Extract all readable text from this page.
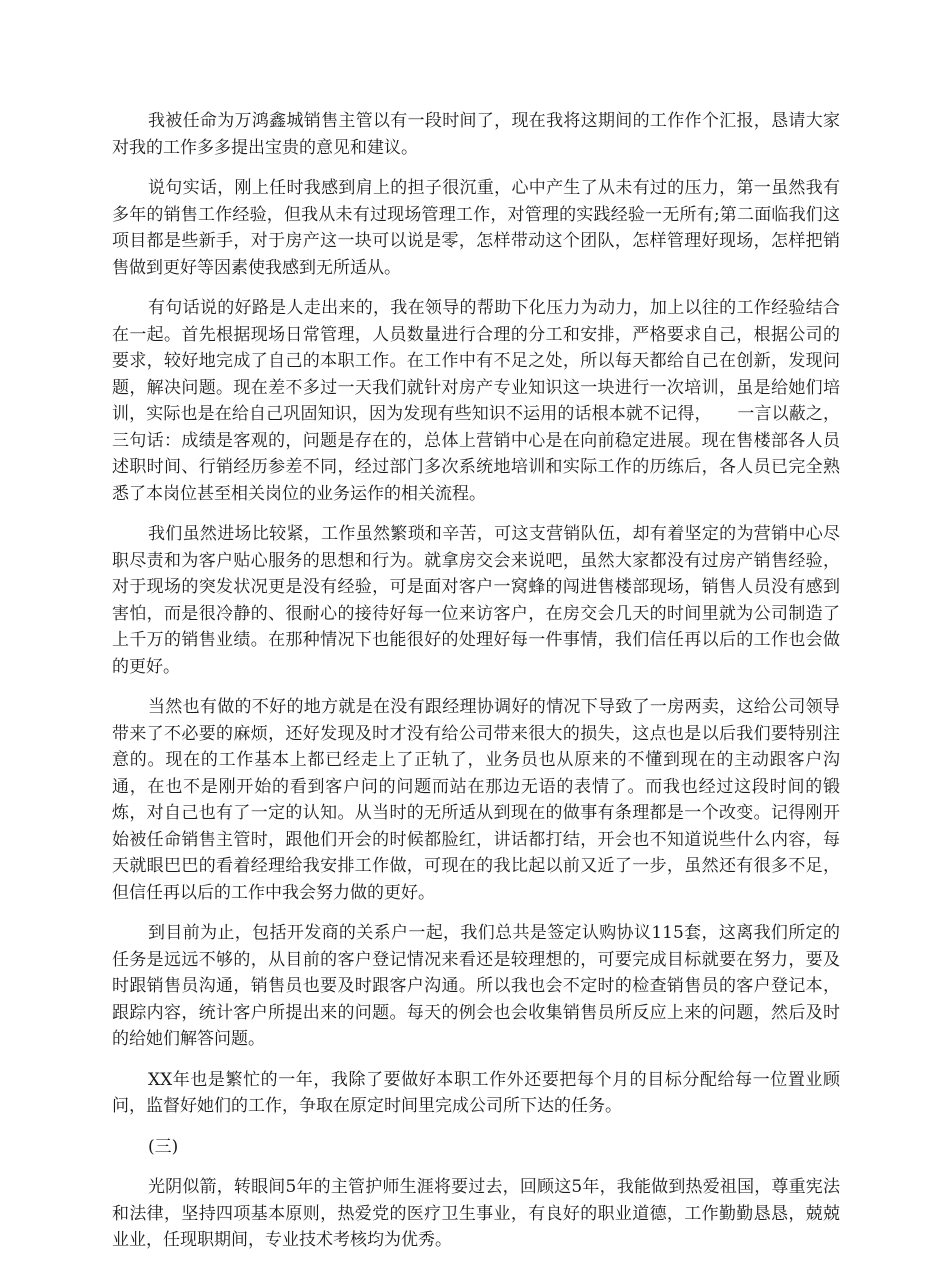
我被任命为万鸿鑫城销售主管以有一段时间了，现在我将这期间的工作作个汇报，恳请大家对我的工作多多提出宝贵的意见和建议。

说句实话，刚上任时我感到肩上的担子很沉重，心中产生了从未有过的压力，第一虽然我有多年的销售工作经验，但我从未有过现场管理工作，对管理的实践经验一无所有;第二面临我们这项目都是些新手，对于房产这一块可以说是零，怎样带动这个团队，怎样管理好现场，怎样把销售做到更好等因素使我感到无所适从。

有句话说的好路是人走出来的，我在领导的帮助下化压力为动力，加上以往的工作经验结合在一起。首先根据现场日常管理，人员数量进行合理的分工和安排，严格要求自己，根据公司的要求，较好地完成了自己的本职工作。在工作中有不足之处，所以每天都给自己在创新，发现问题，解决问题。现在差不多过一天我们就针对房产专业知识这一块进行一次培训，虽是给她们培训，实际也是在给自己巩固知识，因为发现有些知识不运用的话根本就不记得，　　一言以蔽之，三句话：成绩是客观的，问题是存在的，总体上营销中心是在向前稳定进展。现在售楼部各人员述职时间、行销经历参差不同，经过部门多次系统地培训和实际工作的历练后，各人员已完全熟悉了本岗位甚至相关岗位的业务运作的相关流程。

我们虽然进场比较紧，工作虽然繁琐和辛苦，可这支营销队伍，却有着坚定的为营销中心尽职尽责和为客户贴心服务的思想和行为。就拿房交会来说吧，虽然大家都没有过房产销售经验，对于现场的突发状况更是没有经验，可是面对客户一窝蜂的闯进售楼部现场，销售人员没有感到害怕，而是很冷静的、很耐心的接待好每一位来访客户，在房交会几天的时间里就为公司制造了上千万的销售业绩。在那种情况下也能很好的处理好每一件事情，我们信任再以后的工作也会做的更好。

当然也有做的不好的地方就是在没有跟经理协调好的情况下导致了一房两卖，这给公司领导带来了不必要的麻烦，还好发现及时才没有给公司带来很大的损失，这点也是以后我们要特别注意的。现在的工作基本上都已经走上了正轨了，业务员也从原来的不懂到现在的主动跟客户沟通，在也不是刚开始的看到客户问的问题而站在那边无语的表情了。而我也经过这段时间的锻炼，对自己也有了一定的认知。从当时的无所适从到现在的做事有条理都是一个改变。记得刚开始被任命销售主管时，跟他们开会的时候都脸红，讲话都打结，开会也不知道说些什么内容，每天就眼巴巴的看着经理给我安排工作做，可现在的我比起以前又近了一步，虽然还有很多不足，但信任再以后的工作中我会努力做的更好。

到目前为止，包括开发商的关系户一起，我们总共是签定认购协议115套，这离我们所定的任务是远远不够的，从目前的客户登记情况来看还是较理想的，可要完成目标就要在努力，要及时跟销售员沟通，销售员也要及时跟客户沟通。所以我也会不定时的检查销售员的客户登记本，跟踪内容，统计客户所提出来的问题。每天的例会也会收集销售员所反应上来的问题，然后及时的给她们解答问题。

XX年也是繁忙的一年，我除了要做好本职工作外还要把每个月的目标分配给每一位置业顾问，监督好她们的工作，争取在原定时间里完成公司所下达的任务。

(三)

光阴似箭，转眼间5年的主管护师生涯将要过去，回顾这5年，我能做到热爱祖国，尊重宪法和法律，坚持四项基本原则，热爱党的医疗卫生事业，有良好的职业道德，工作勤勤恳恳，兢兢业业，任现职期间，专业技术考核均为优秀。
